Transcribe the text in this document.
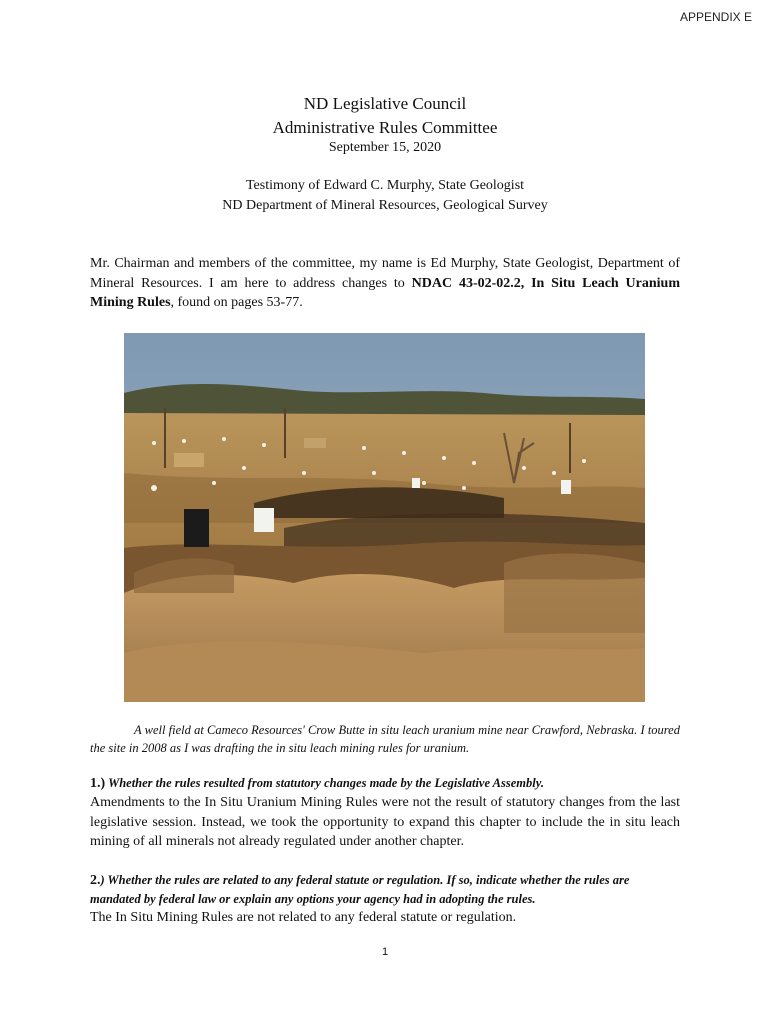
APPENDIX E
ND Legislative Council
Administrative Rules Committee
September 15, 2020
Testimony of Edward C. Murphy, State Geologist
ND Department of Mineral Resources, Geological Survey
Mr. Chairman and members of the committee, my name is Ed Murphy, State Geologist, Department of Mineral Resources. I am here to address changes to NDAC 43-02-02.2, In Situ Leach Uranium Mining Rules, found on pages 53-77.
A well field at Cameco Resources' Crow Butte in situ leach uranium mine near Crawford, Nebraska. I toured the site in 2008 as I was drafting the in situ leach mining rules for uranium.
1.) Whether the rules resulted from statutory changes made by the Legislative Assembly.
Amendments to the In Situ Uranium Mining Rules were not the result of statutory changes from the last legislative session. Instead, we took the opportunity to expand this chapter to include the in situ leach mining of all minerals not already regulated under another chapter.
2.) Whether the rules are related to any federal statute or regulation. If so, indicate whether the rules are mandated by federal law or explain any options your agency had in adopting the rules.
The In Situ Mining Rules are not related to any federal statute or regulation.
1
